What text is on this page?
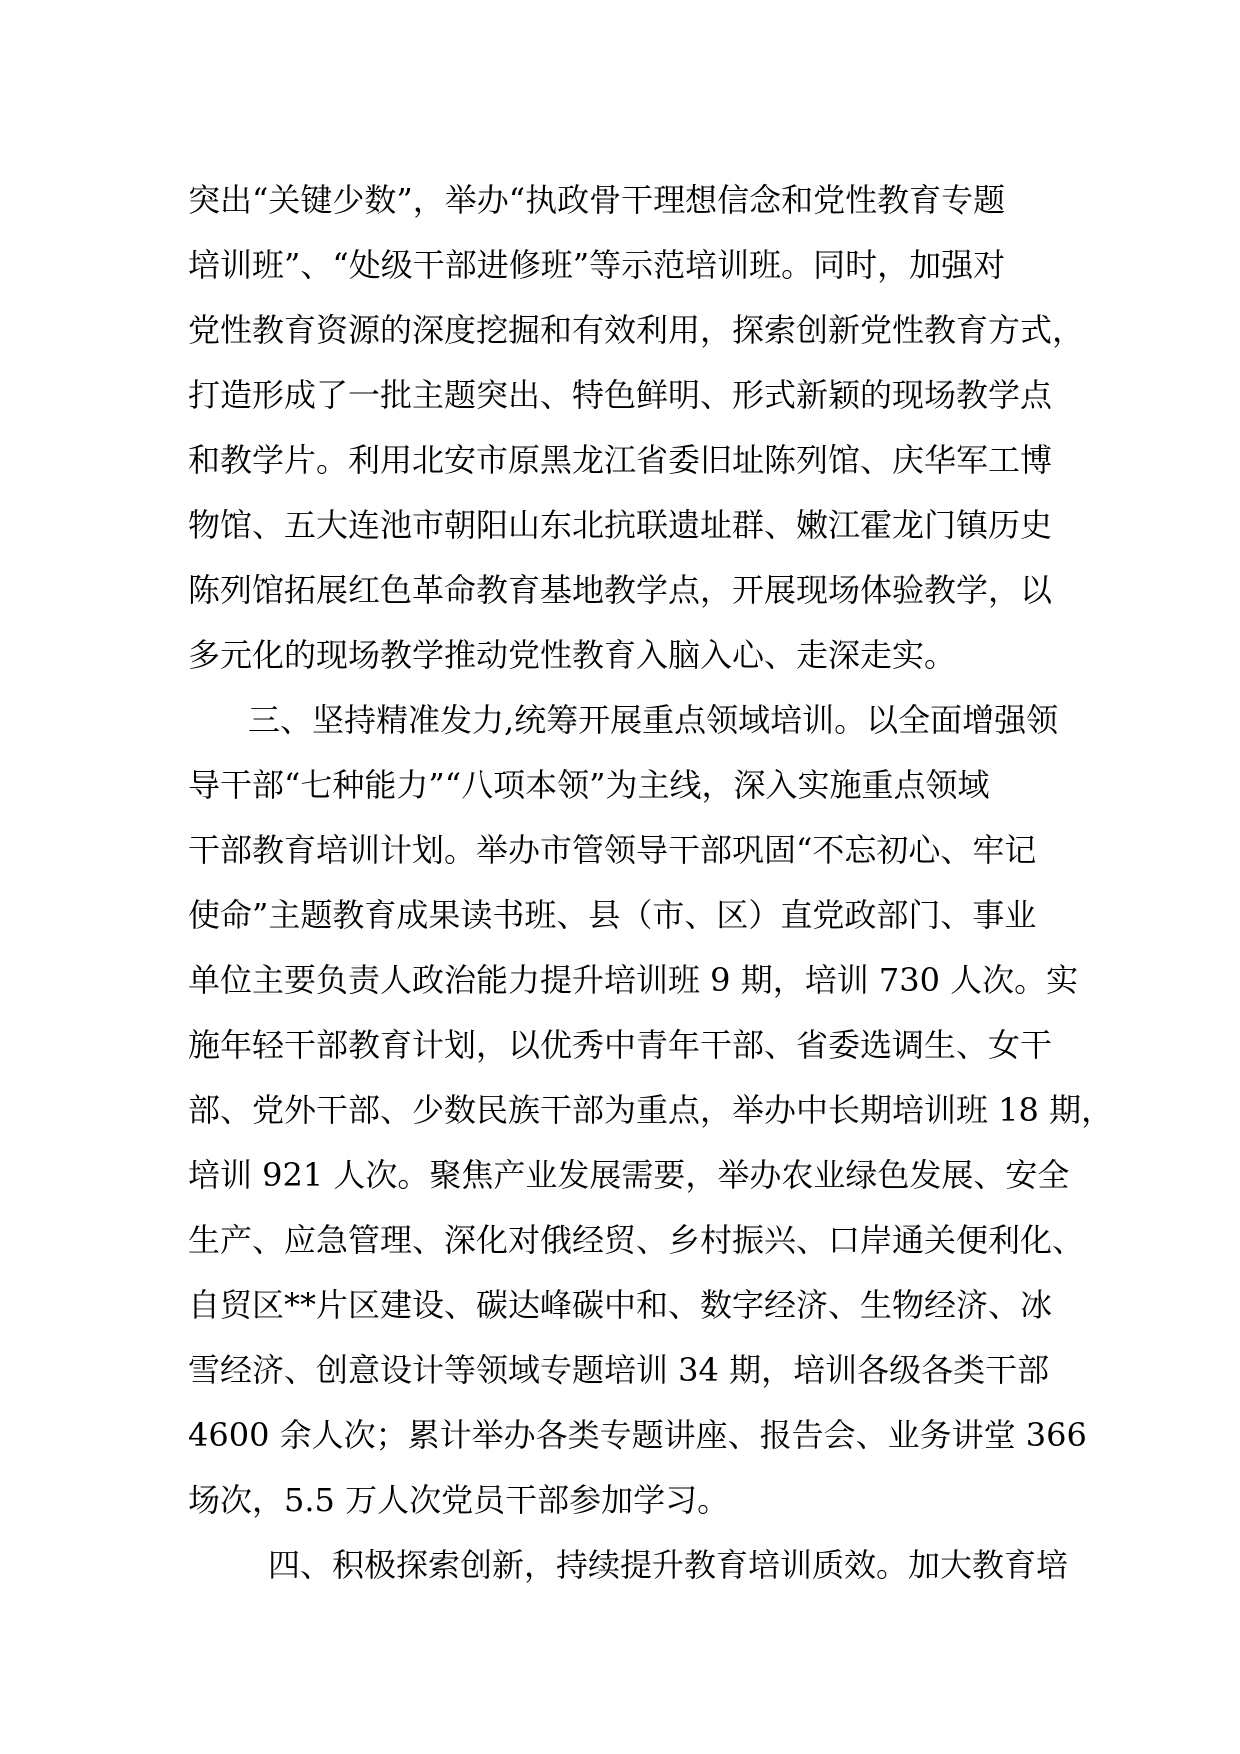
突出“关键少数”，举办“执政骨干理想信念和党性教育专题
培训班”、“处级干部进修班”等示范培训班。同时，加强对
党性教育资源的深度挖掘和有效利用，探索创新党性教育方式，
打造形成了一批主题突出、特色鲜明、形式新颖的现场教学点
和教学片。利用北安市原黑龙江省委旧址陈列馆、庆华军工博
物馆、五大连池市朝阳山东北抗联遗址群、嫩江霍龙门镇历史
陈列馆拓展红色革命教育基地教学点，开展现场体验教学，以
多元化的现场教学推动党性教育入脑入心、走深走实。
三、坚持精准发力,统筹开展重点领域培训。以全面增强领
导干部“七种能力”“八项本领”为主线，深入实施重点领域
干部教育培训计划。举办市管领导干部巩固“不忘初心、牢记
使命”主题教育成果读书班、县（市、区）直党政部门、事业
单位主要负责人政治能力提升培训班 9 期，培训 730 人次。实
施年轻干部教育计划，以优秀中青年干部、省委选调生、女干
部、党外干部、少数民族干部为重点，举办中长期培训班 18 期，
培训 921 人次。聚焦产业发展需要，举办农业绿色发展、安全
生产、应急管理、深化对俄经贸、乡村振兴、口岸通关便利化、
自贸区**片区建设、碳达峰碳中和、数字经济、生物经济、冰
雪经济、创意设计等领域专题培训 34 期，培训各级各类干部
4600 余人次；累计举办各类专题讲座、报告会、业务讲堂 366
场次，5.5 万人次党员干部参加学习。
四、积极探索创新，持续提升教育培训质效。加大教育培
